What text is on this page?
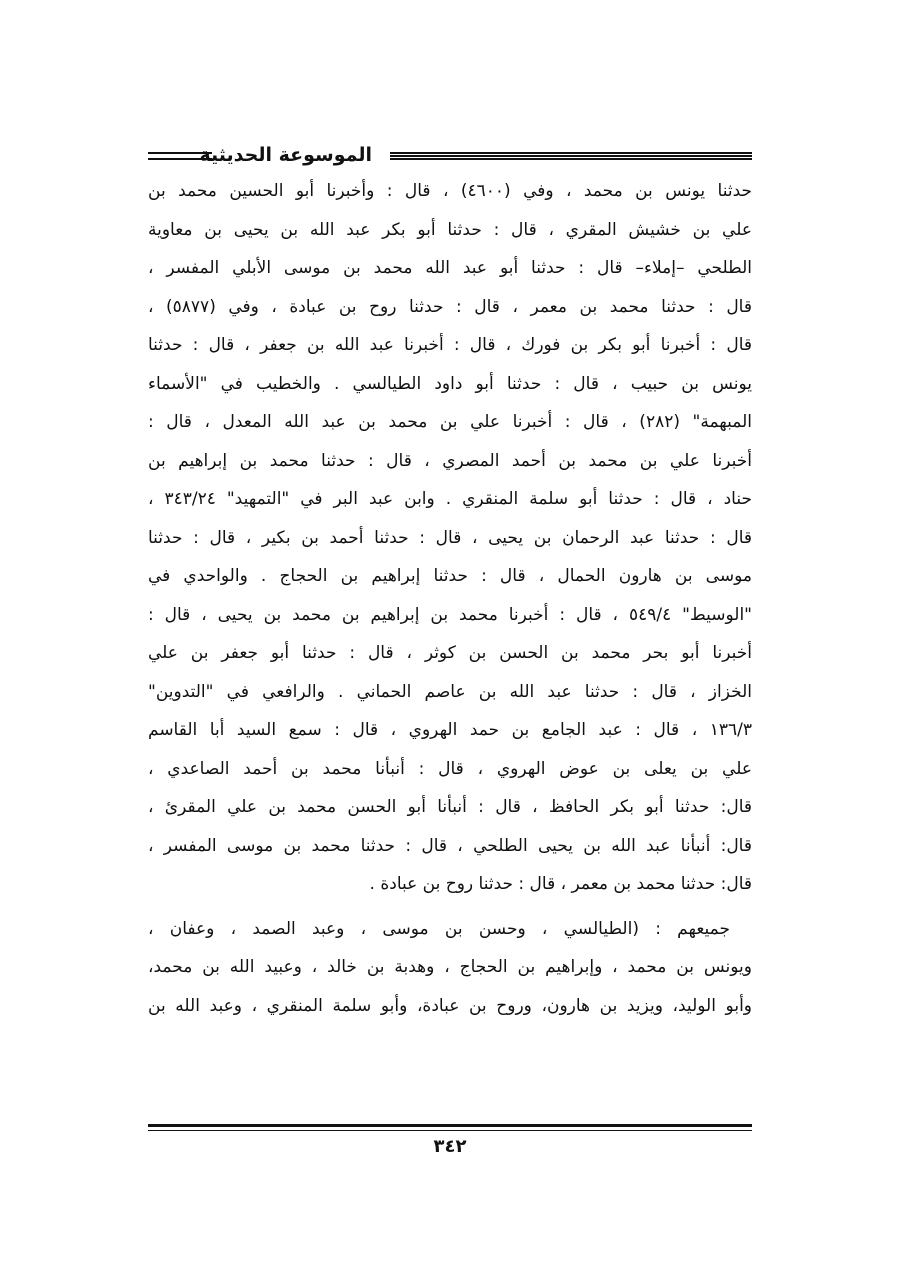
الموسوعة الحديثية
حدثنا يونس بن محمد ، وفي (٤٦٠٠) ، قال : وأخبرنا أبو الحسين محمد بن
علي بن خشيش المقري ، قال : حدثنا أبو بكر عبد الله بن يحيى بن معاوية
الطلحي –إملاء– قال : حدثنا أبو عبد الله محمد بن موسى الأبلي المفسر ،
قال : حدثنا محمد بن معمر ، قال : حدثنا روح بن عبادة ، وفي (٥٨٧٧) ،
قال : أخبرنا أبو بكر بن فورك ، قال : أخبرنا عبد الله بن جعفر ، قال : حدثنا
يونس بن حبيب ، قال : حدثنا أبو داود الطيالسي . والخطيب في "الأسماء
المبهمة" (٢٨٢) ، قال : أخبرنا علي بن محمد بن عبد الله المعدل ، قال :
أخبرنا علي بن محمد بن أحمد المصري ، قال : حدثنا محمد بن إبراهيم بن
حناد ، قال : حدثنا أبو سلمة المنقري . وابن عبد البر في "التمهيد" ٣٤٣/٢٤ ،
قال : حدثنا عبد الرحمان بن يحيى ، قال : حدثنا أحمد بن بكير ، قال : حدثنا
موسى بن هارون الحمال ، قال : حدثنا إبراهيم بن الحجاج . والواحدي في
"الوسيط" ٥٤٩/٤ ، قال : أخبرنا محمد بن إبراهيم بن محمد بن يحيى ، قال :
أخبرنا أبو بحر محمد بن الحسن بن كوثر ، قال : حدثنا أبو جعفر بن علي
الخزاز ، قال : حدثنا عبد الله بن عاصم الحماني . والرافعي في "التدوين"
١٣٦/٣ ، قال : عبد الجامع بن حمد الهروي ، قال : سمع السيد أبا القاسم
علي بن يعلى بن عوض الهروي ، قال : أنبأنا محمد بن أحمد الصاعدي ،
قال: حدثنا أبو بكر الحافظ ، قال : أنبأنا أبو الحسن محمد بن علي المقرئ ،
قال: أنبأنا عبد الله بن يحيى الطلحي ، قال : حدثنا محمد بن موسى المفسر ،
قال: حدثنا محمد بن معمر ، قال : حدثنا روح بن عبادة .
جميعهم : (الطيالسي ، وحسن بن موسى ، وعبد الصمد ، وعفان ،
ويونس بن محمد ، وإبراهيم بن الحجاج ، وهدبة بن خالد ، وعبيد الله بن محمد،
وأبو الوليد، ويزيد بن هارون، وروح بن عبادة، وأبو سلمة المنقري ، وعبد الله بن
٣٤٢
